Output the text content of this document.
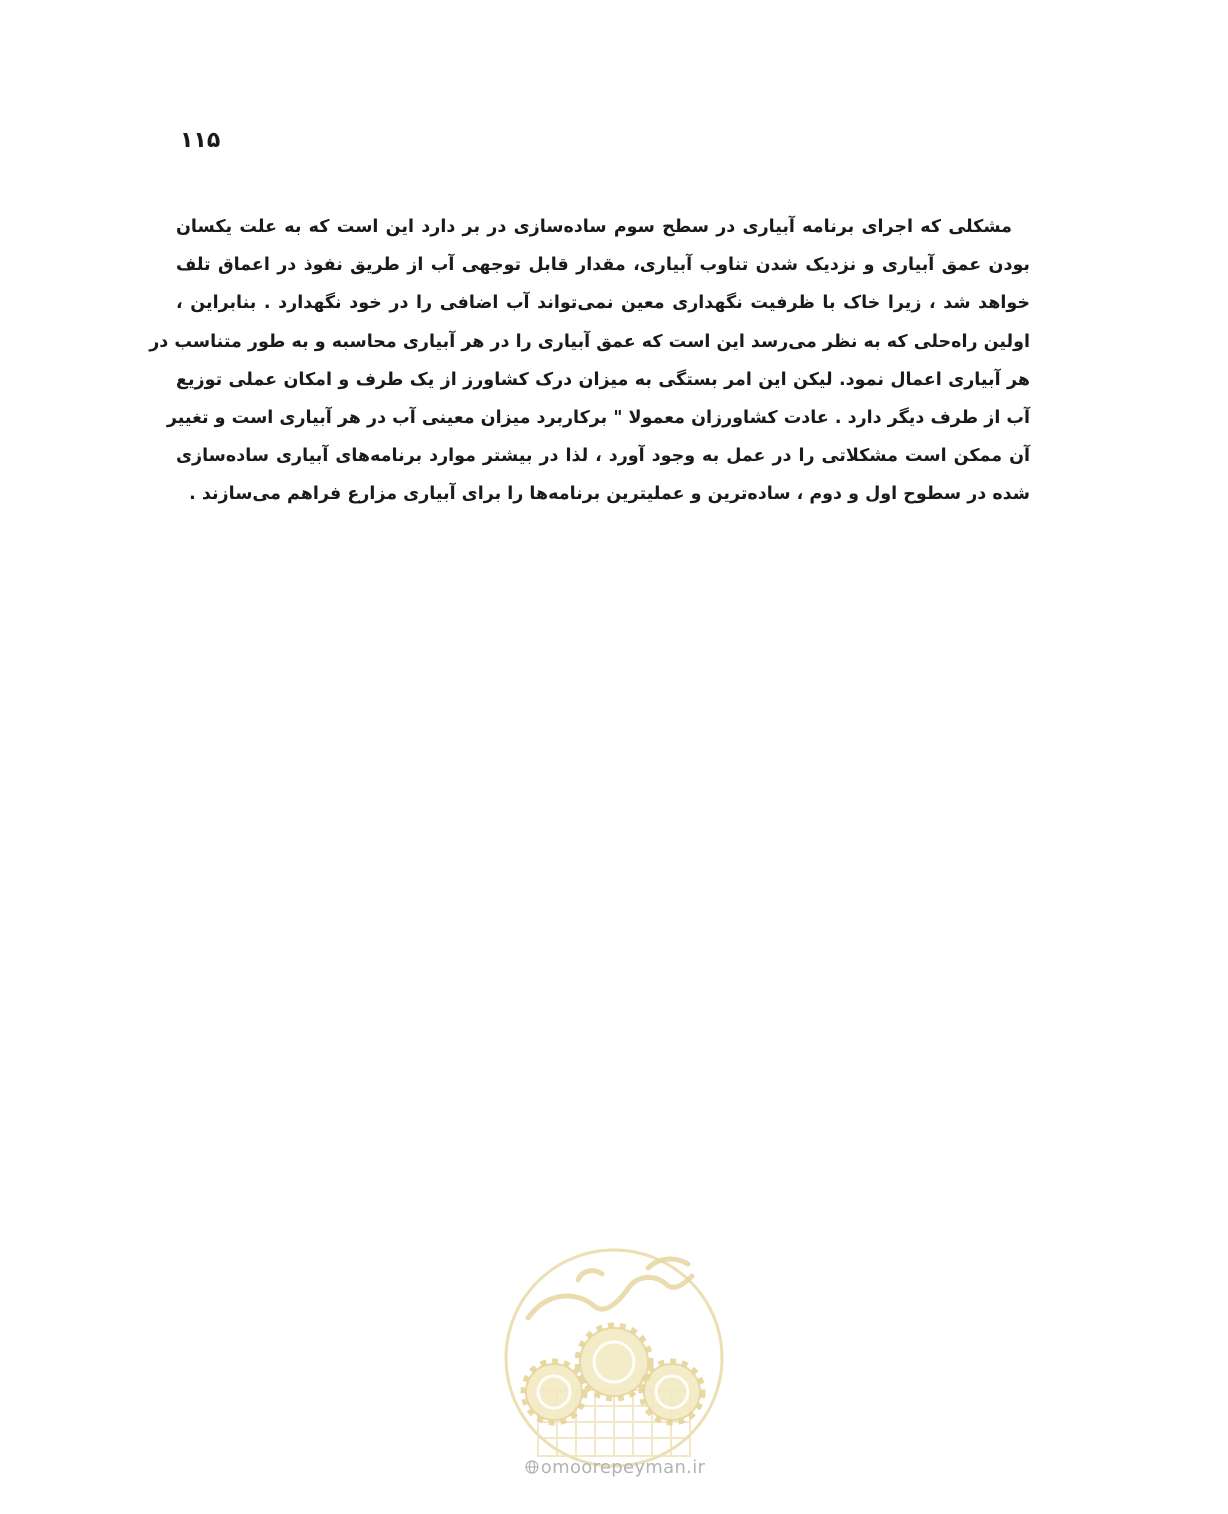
۱۱۵
مشکلی که اجرای برنامه آبیاری در سطح سوم ساده‌سازی در بر دارد این است که به علت یکسان
بودن عمق آبیاری و نزدیک شدن تناوب آبیاری، مقدار قابل توجهی آب از طریق نفوذ در اعماق تلف
خواهد شد ، زیرا خاک با ظرفیت نگهداری معین نمی‌تواند آب اضافی را در خود نگهدارد . بنابراین ،
اولین راه‌حلی که به نظر می‌رسد این است که عمق آبیاری را در هر آبیاری محاسبه و به طور متناسب در
هر آبیاری اعمال نمود. لیکن این امر بستگی به میزان درک کشاورز از یک طرف و امکان عملی توزیع
آب از طرف دیگر دارد . عادت کشاورزان معمولا " برکاربرد میزان معینی آب در هر آبیاری است و تغییر
آن ممکن است مشکلاتی را در عمل به وجود آورد ، لذا در بیشتر موارد برنامه‌های آبیاری ساده‌سازی
شده در سطوح اول و دوم ، ساده‌ترین و عملیترین برنامه‌ها را برای آبیاری مزارع فراهم می‌سازند .
omoorepeyman.ir
